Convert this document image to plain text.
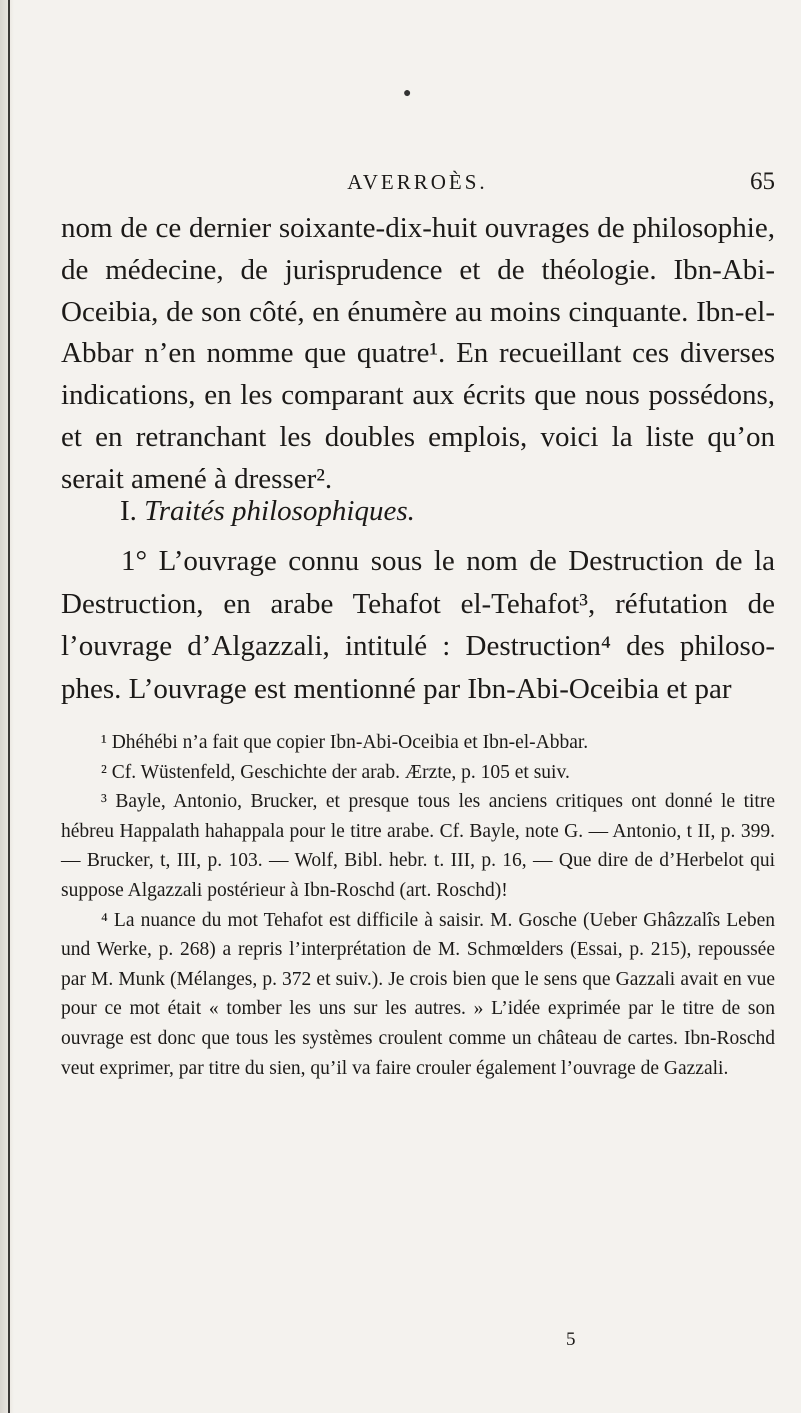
●
AVERROÈS.	65

nom de ce dernier soixante-dix-huit ouvrages de philosophie, de médecine, de jurisprudence et de théologie. Ibn-Abi-Oceibia, de son côté, en énumère au moins cinquante. Ibn-el-Abbar n’en nomme que quatre¹. En recueillant ces diverses indications, en les comparant aux écrits que nous possédons, et en retranchant les doubles emplois, voici la liste qu’on serait amené à dresser².

I. Traités philosophiques.
1° L’ouvrage connu sous le nom de Destruction de la Destruction, en arabe Tehafot el-Tehafot³, réfutation de l’ouvrage d’Algazzali, intitulé : Destruction⁴ des philosophes. L’ouvrage est mentionné par Ibn-Abi-Oceibia et par

¹ Dhéhébi n’a fait que copier Ibn-Abi-Oceibia et Ibn-el-Abbar.

² Cf. Wüstenfeld, Geschichte der arab. Ærzte, p. 105 et suiv.

³ Bayle, Antonio, Brucker, et presque tous les anciens critiques ont donné le titre hébreu Happalath hahappala pour le titre arabe. Cf. Bayle, note G. — Antonio, t II, p. 399. — Brucker, t, III, p. 103. — Wolf, Bibl. hebr. t. III, p. 16, — Que dire de d’Herbelot qui suppose Algazzali postérieur à Ibn-Roschd (art. Roschd)!

⁴ La nuance du mot Tehafot est difficile à saisir. M. Gosche (Ueber Ghâzzalîs Leben und Werke, p. 268) a repris l’interprétation de M. Schmœlders (Essai, p. 215), repoussée par M. Munk (Mélanges, p. 372 et suiv.). Je crois bien que le sens que Gazzali avait en vue pour ce mot était « tomber les uns sur les autres. » L’idée exprimée par le titre de son ouvrage est donc que tous les systèmes croulent comme un château de cartes. Ibn-Roschd veut exprimer, par titre du sien, qu’il va faire crouler également l’ouvrage de Gazzali.

5
